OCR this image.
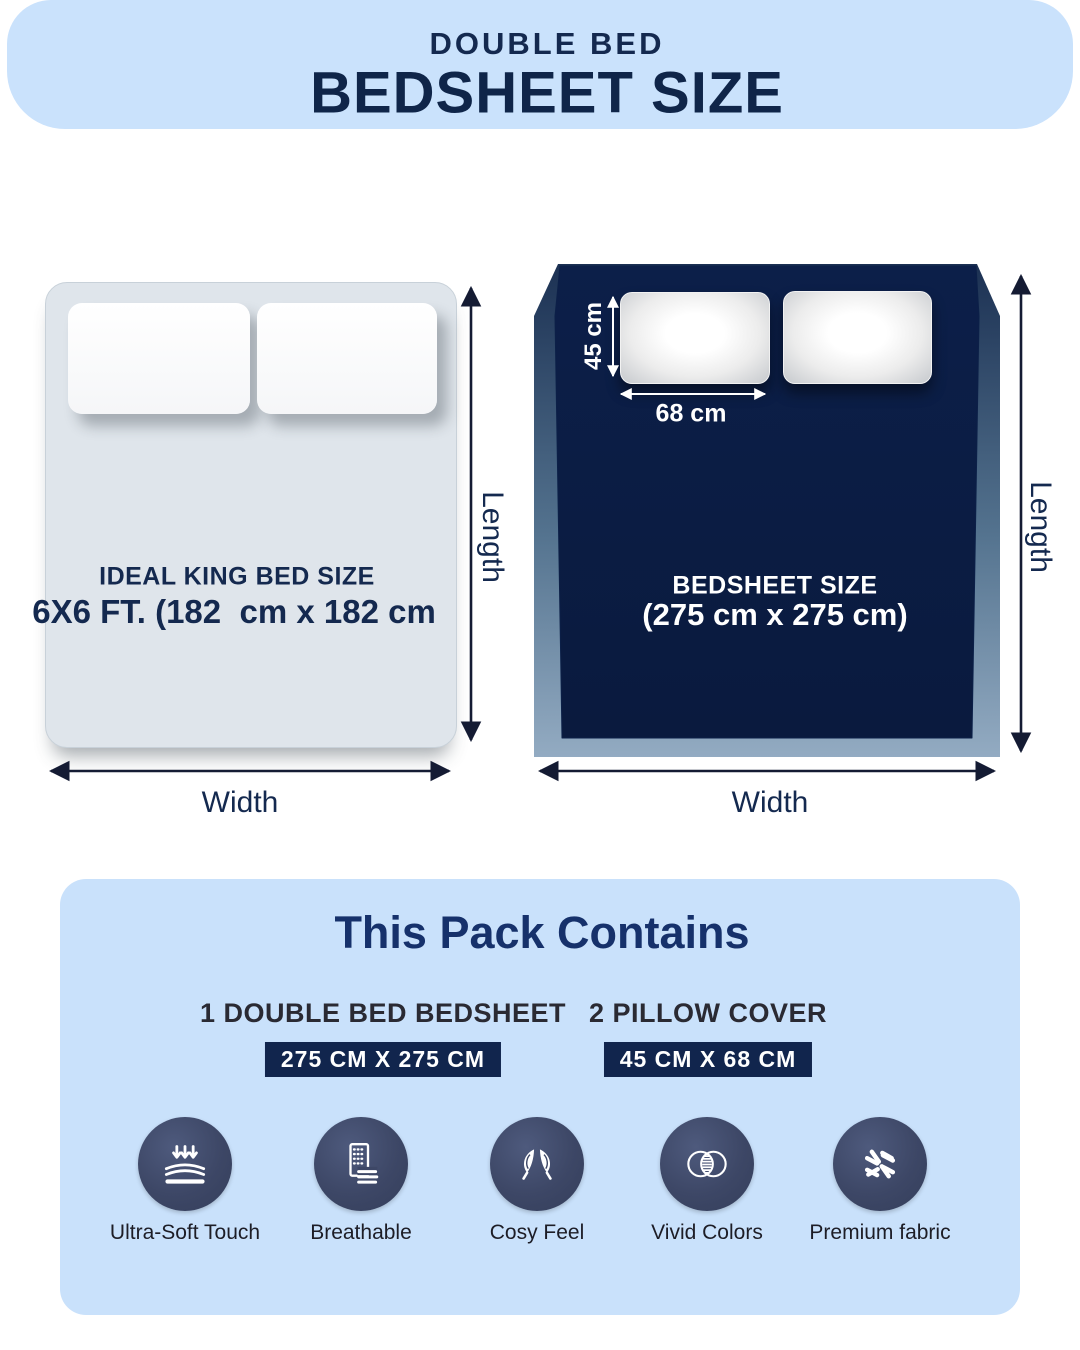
DOUBLE BED
BEDSHEET SIZE
IDEAL KING BED SIZE
6X6 FT. (182  cm x 182 cm
Length
Width
45 cm
68 cm
BEDSHEET SIZE
(275 cm x 275 cm)
Length
Width
This Pack Contains
1 DOUBLE BED BEDSHEET
275 CM X 275 CM
2 PILLOW COVER
45 CM X 68 CM
Ultra-Soft Touch Breathable	Cosy Feel	Vivid Colors Premium fabric
